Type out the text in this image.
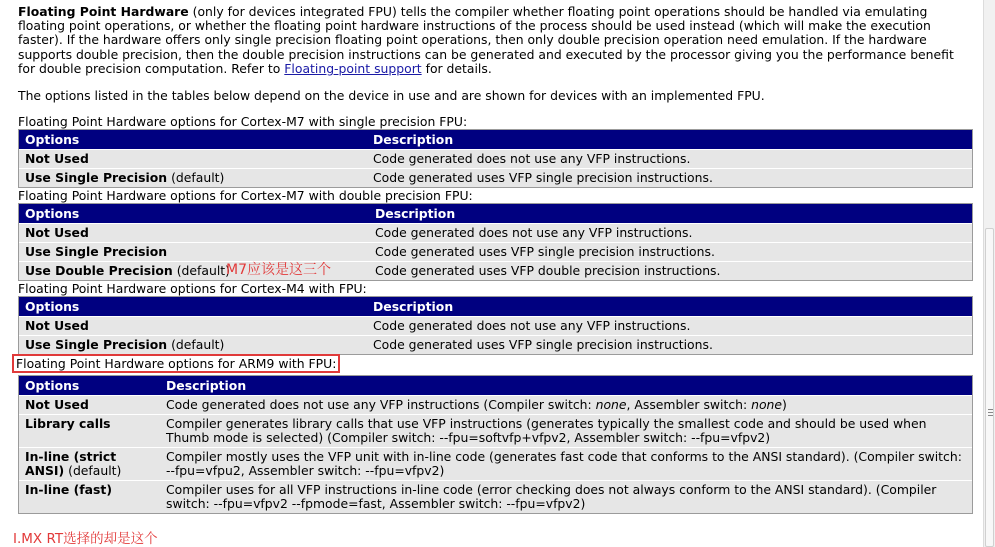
Floating Point Hardware (only for devices integrated FPU) tells the compiler whether floating point operations should be handled via emulating floating point operations, or whether the floating point hardware instructions of the process should be used instead (which will make the execution faster). If the hardware offers only single precision floating point operations, then only double precision operation need emulation. If the hardware supports double precision, then the double precision instructions can be generated and executed by the processor giving you the performance benefit for double precision computation. Refer to Floating-point support for details.

The options listed in the tables below depend on the device in use and are shown for devices with an implemented FPU.

Floating Point Hardware options for Cortex-M7 with single precision FPU:
Options	Description
Not Used	Code generated does not use any VFP instructions.
Use Single Precision (default)	Code generated uses VFP single precision instructions.
Floating Point Hardware options for Cortex-M7 with double precision FPU:
Options	Description
Not Used	Code generated does not use any VFP instructions.
Use Single Precision	Code generated uses VFP single precision instructions.
Use Double Precision (default)	Code generated uses VFP double precision instructions.
Floating Point Hardware options for Cortex-M4 with FPU:
Options	Description
Not Used	Code generated does not use any VFP instructions.
Use Single Precision (default)	Code generated uses VFP single precision instructions.
Floating Point Hardware options for ARM9 with FPU:
Options	Description
Not Used	Code generated does not use any VFP instructions (Compiler switch: none, Assembler switch: none)
Library calls	Compiler generates library calls that use VFP instructions (generates typically the smallest code and should be used when Thumb mode is selected) (Compiler switch: --fpu=softvfp+vfpv2, Assembler switch: --fpu=vfpv2)
In-line (strict ANSI) (default)	Compiler mostly uses the VFP unit with in-line code (generates fast code that conforms to the ANSI standard). (Compiler switch: --fpu=vfpu2, Assembler switch: --fpu=vfpv2)
In-line (fast)	Compiler uses for all VFP instructions in-line code (error checking does not always conform to the ANSI standard). (Compiler switch: --fpu=vfpv2 --fpmode=fast, Assembler switch: --fpu=vfpv2)
M7应该是这三个
I.MX RT选择的却是这个
